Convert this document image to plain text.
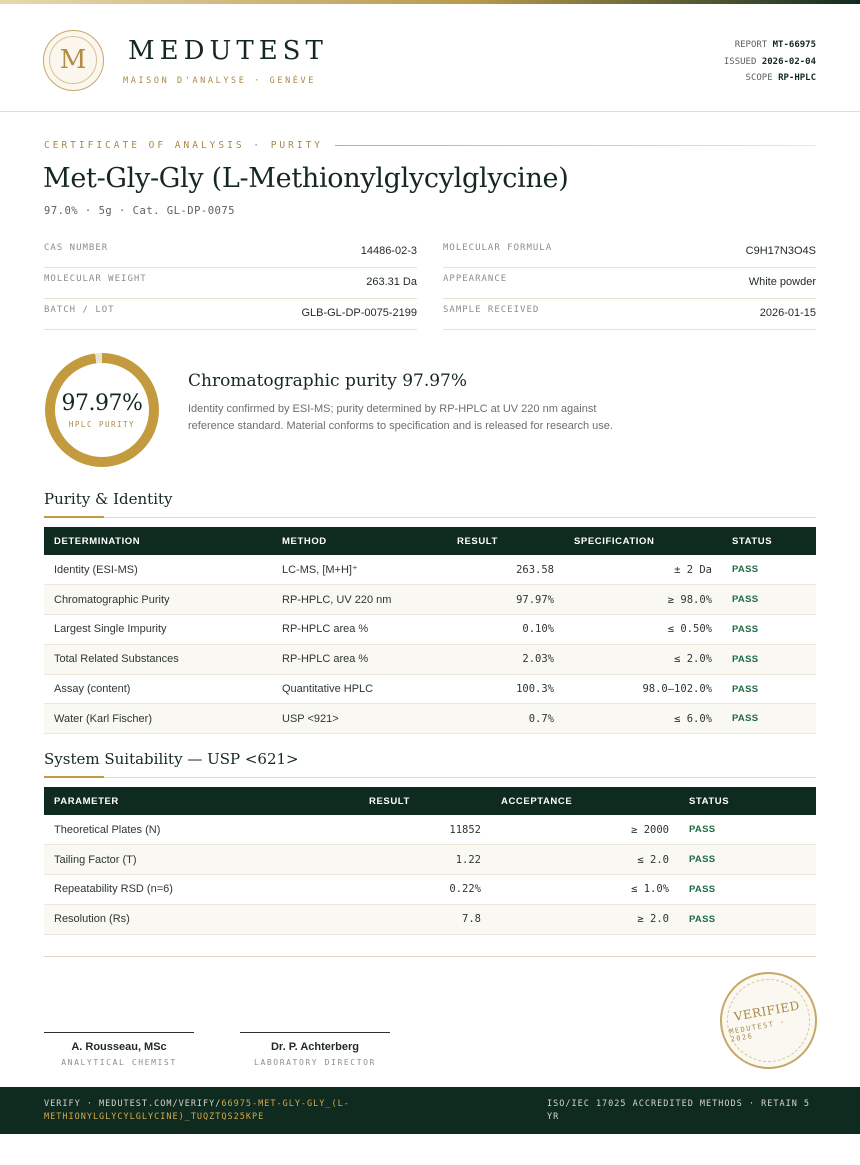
M	MEDUTEST
MAISON D'ANALYSE · GENÈVE
REPORT MT-66975
ISSUED 2026-02-04
SCOPE RP-HPLC
CERTIFICATE OF ANALYSIS · PURITY
Met-Gly-Gly (L-Methionylglycylglycine)
97.0% · 5g · Cat. GL-DP-0075
CAS NUMBER	14486-02-3	MOLECULAR FORMULA	C9H17N3O4S
MOLECULAR WEIGHT	263.31 Da	APPEARANCE	White powder
BATCH / LOT	GLB-GL-DP-0075-2199	SAMPLE RECEIVED	2026-01-15
97.97%
HPLC PURITY
Chromatographic purity 97.97%
Identity confirmed by ESI-MS; purity determined by RP-HPLC at UV 220 nm against reference standard. Material conforms to specification and is released for research use.
Purity & Identity
DETERMINATION	METHOD	RESULT	SPECIFICATION	STATUS
Identity (ESI-MS)	LC-MS, [M+H]⁺	263.58	± 2 Da	PASS
Chromatographic Purity	RP-HPLC, UV 220 nm	97.97%	≥ 98.0%	PASS
Largest Single Impurity	RP-HPLC area %	0.10%	≤ 0.50%	PASS
Total Related Substances	RP-HPLC area %	2.03%	≤ 2.0%	PASS
Assay (content)	Quantitative HPLC	100.3%	98.0–102.0%	PASS
Water (Karl Fischer)	USP <921>	0.7%	≤ 6.0%	PASS
System Suitability — USP <621>
PARAMETER	RESULT	ACCEPTANCE	STATUS
Theoretical Plates (N)	11852	≥ 2000	PASS
Tailing Factor (T)	1.22	≤ 2.0	PASS
Repeatability RSD (n=6)	0.22%	≤ 1.0%	PASS
Resolution (Rs)	7.8	≥ 2.0	PASS
A. Rousseau, MSc
ANALYTICAL CHEMIST
Dr. P. Achterberg
LABORATORY DIRECTOR
VERIFIED
MEDUTEST · 2026
VERIFY · MEDUTEST.COM/VERIFY/66975-MET-GLY-GLY_(L-METHIONYLGLYCYLGLYCINE)_TUQZTQS25KPE
ISO/IEC 17025 ACCREDITED METHODS · RETAIN 5 YR
